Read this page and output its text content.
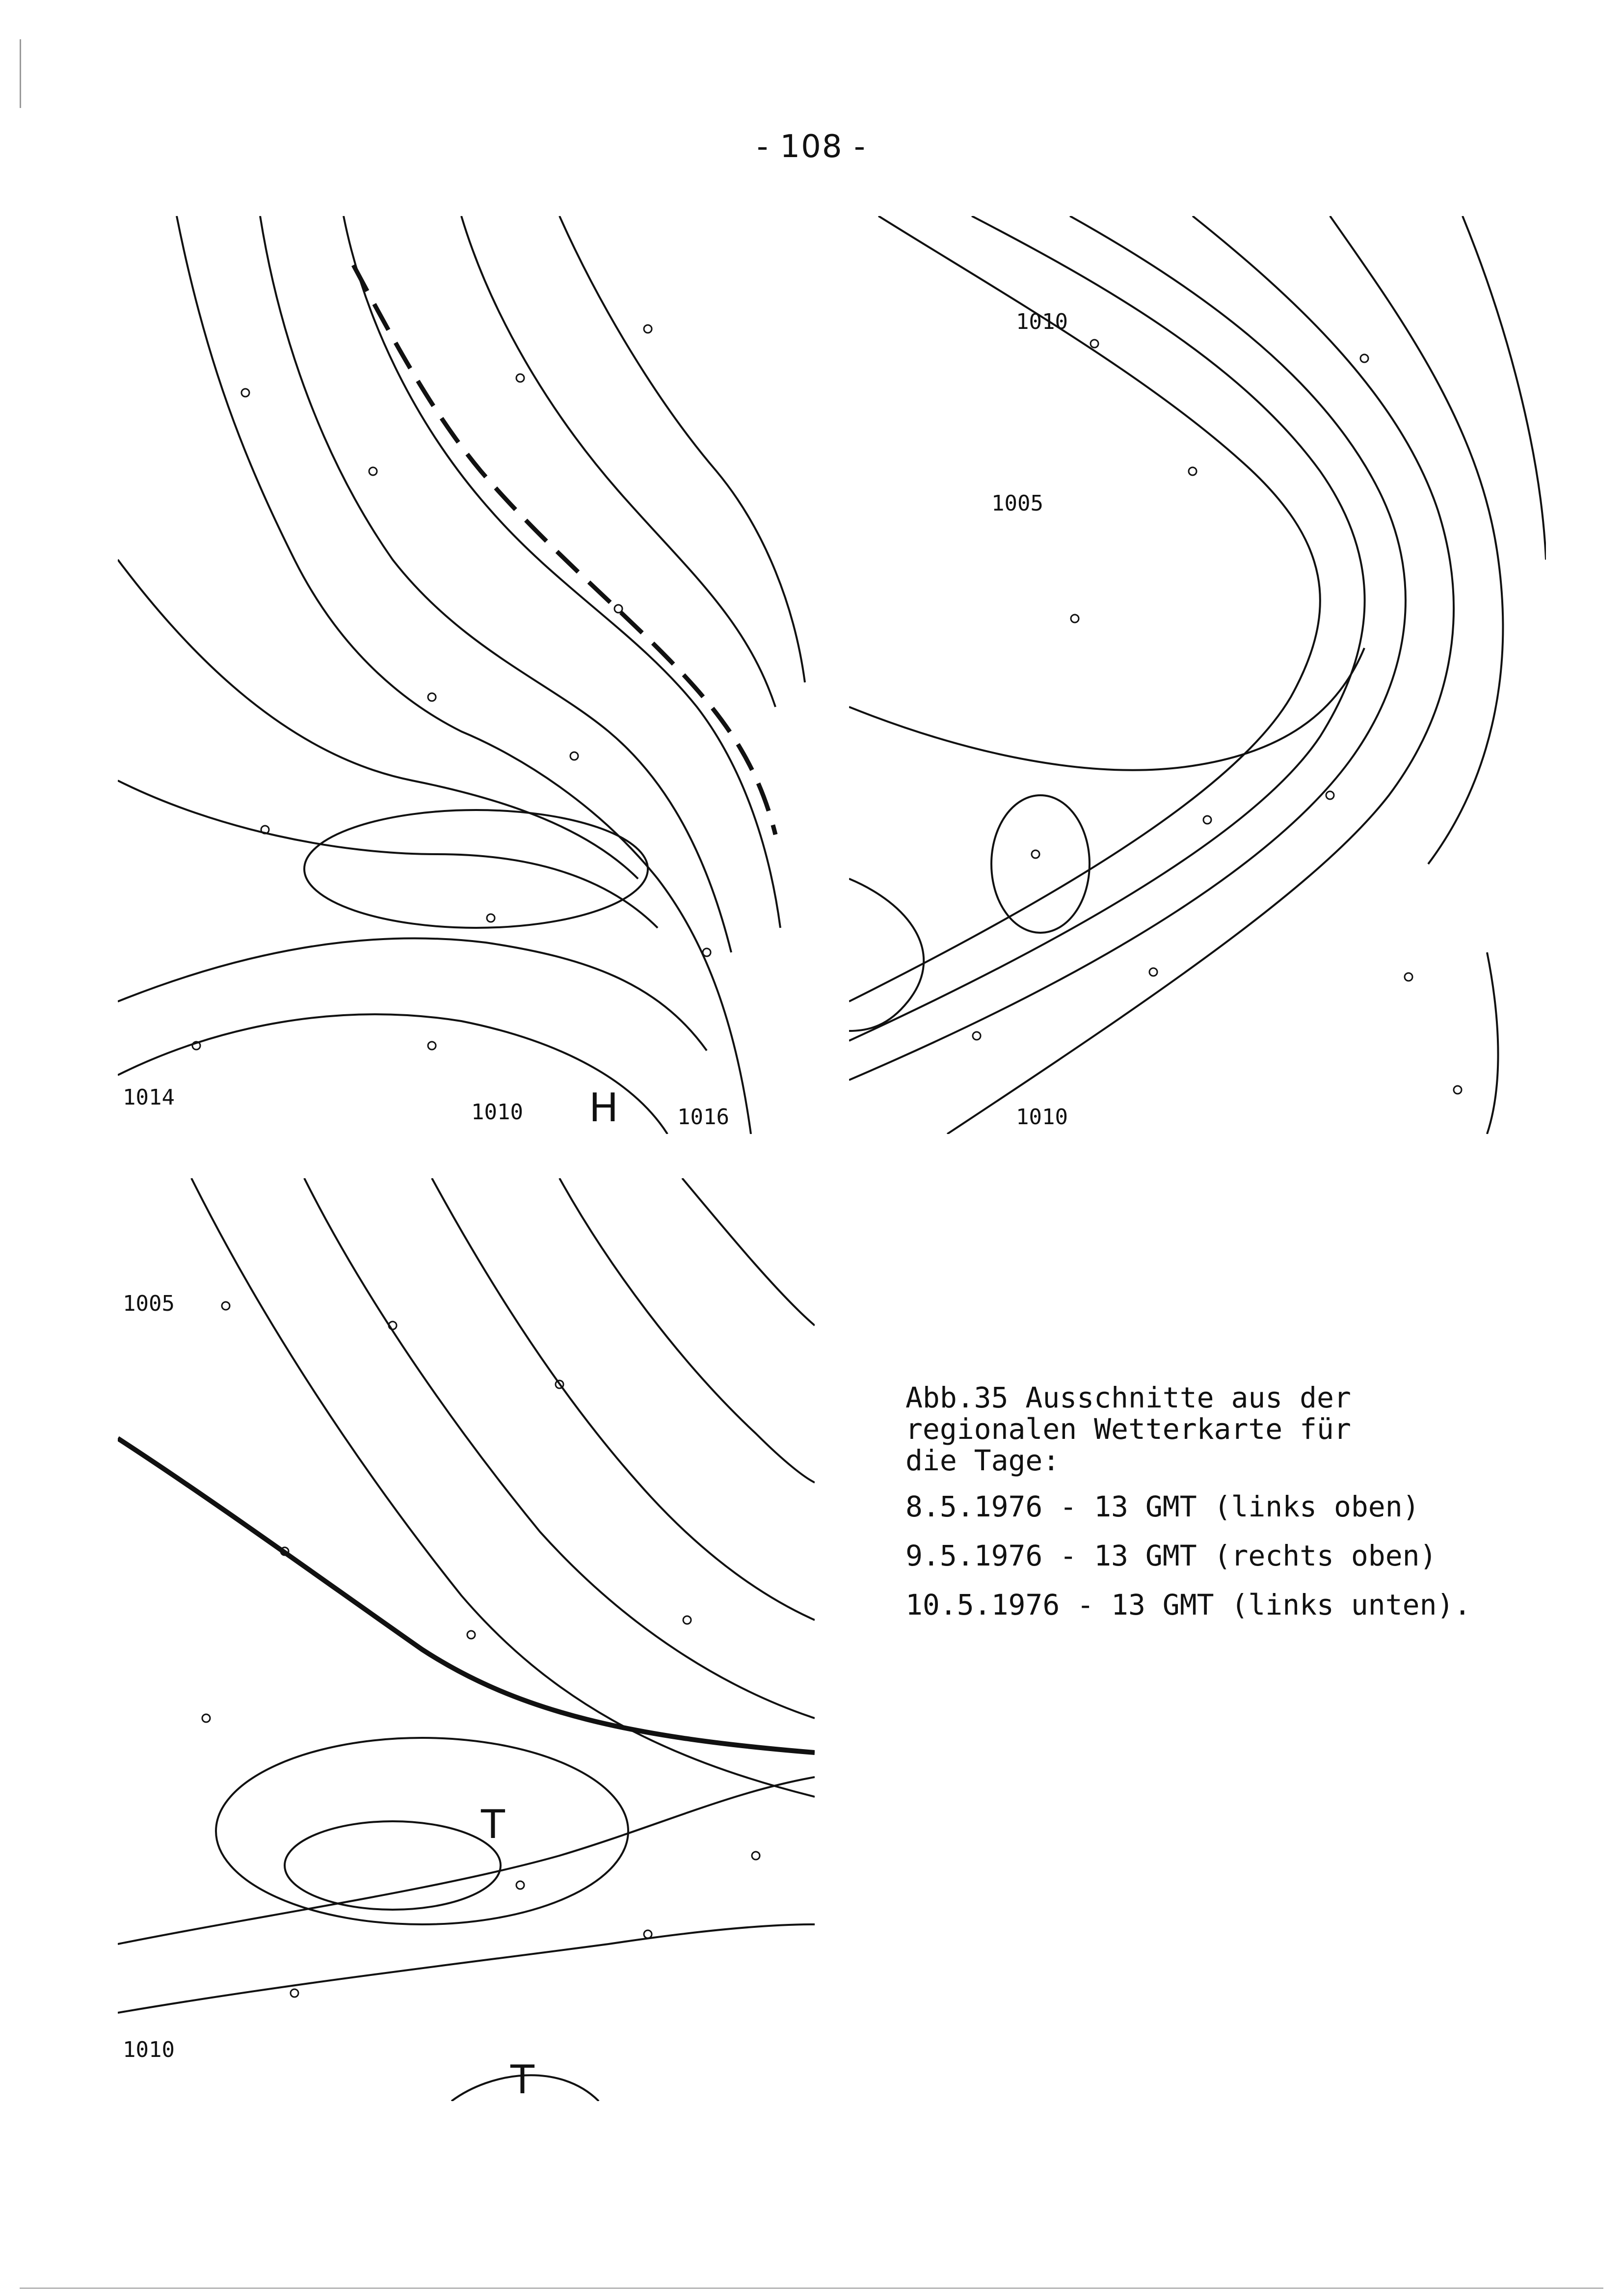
- 108 -
H
1010	1016
1014
1010
1005
1010
T
T
1005
1010
Abb.35 Ausschnitte aus der
regionalen Wetterkarte für
die Tage:
8.5.1976 - 13 GMT (links oben)
9.5.1976 - 13 GMT (rechts oben)
10.5.1976 - 13 GMT (links unten).
